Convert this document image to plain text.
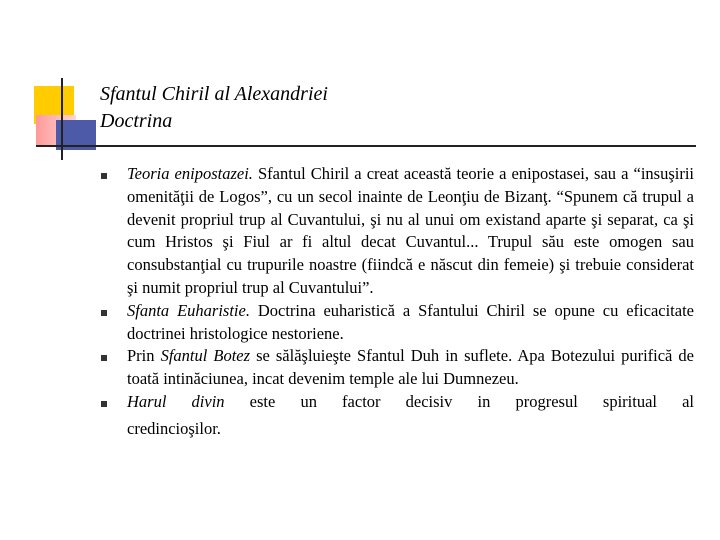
Sfantul Chiril al Alexandriei
Doctrina
Teoria enipostazei. Sfantul Chiril a creat această teorie a enipostasei, sau a “insuşirii omenităţii de Logos”, cu un secol inainte de Leonţiu de Bizanţ. “Spunem că trupul a devenit propriul trup al Cuvantului, şi nu al unui om existand aparte şi separat, ca şi cum Hristos şi Fiul ar fi altul decat Cuvantul... Trupul său este omogen sau consubstanţial cu trupurile noastre (fiindcă e născut din femeie) şi trebuie considerat şi numit propriul trup al Cuvantului”.
Sfanta Euharistie. Doctrina euharistică a Sfantului Chiril se opune cu eficacitate doctrinei hristologice nestoriene.
Prin Sfantul Botez se sălăşluieşte Sfantul Duh in suflete. Apa Botezului purifică de toată intinăciunea, incat devenim temple ale lui Dumnezeu.
Harul divin este un factor decisiv in progresul spiritual al
credincioşilor.
